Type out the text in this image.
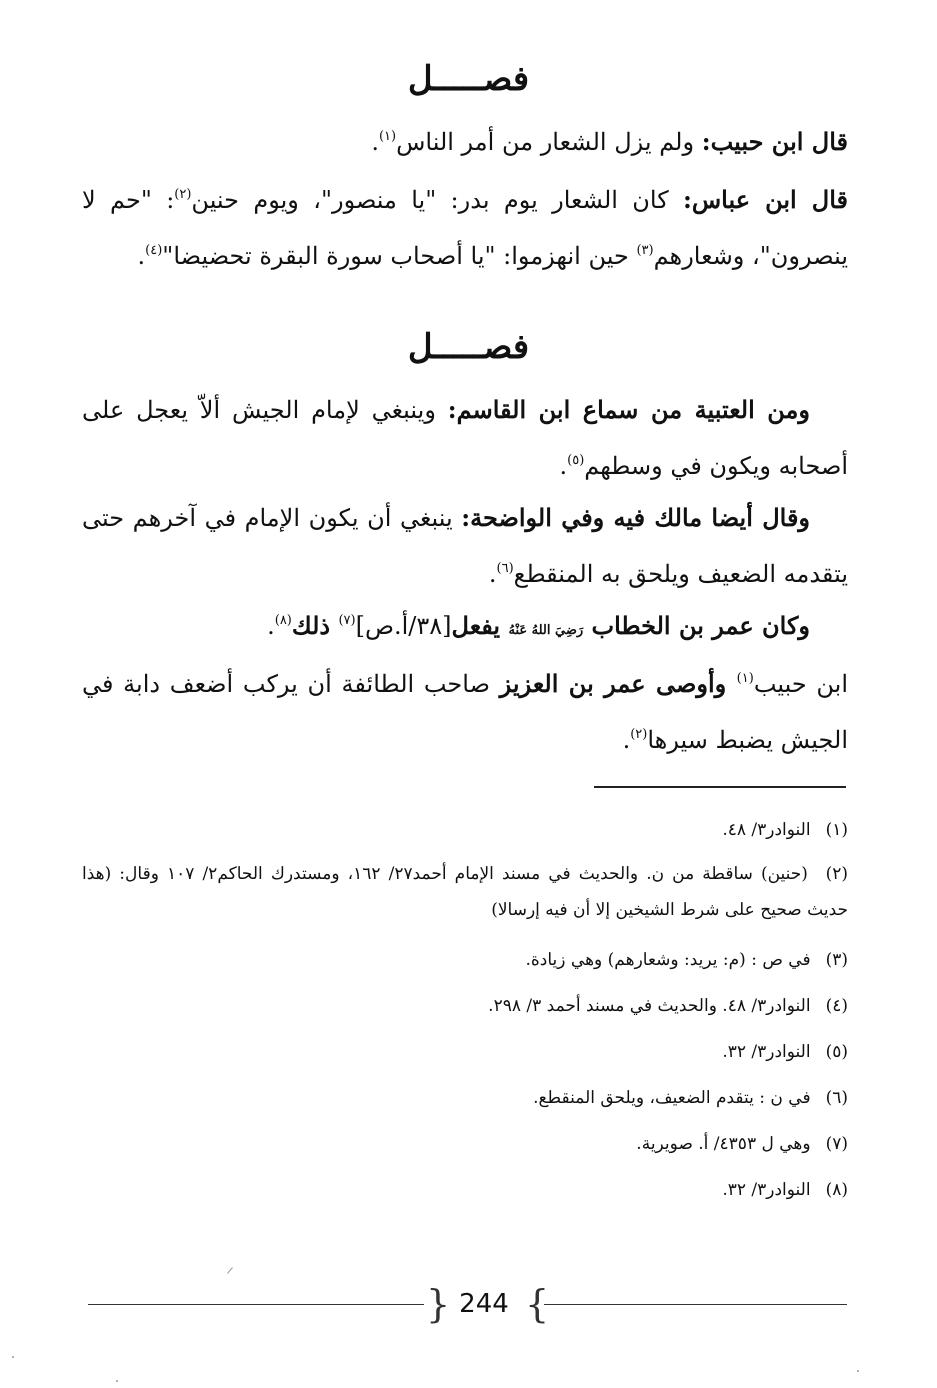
فصـــــل
قال ابن حبيب: ولم يزل الشعار من أمر الناس$^{(١)}$.
قال ابن عباس: كان الشعار يوم بدر: "يا منصور"، ويوم حنين$^{(٢)}$: "حم لا ينصرون"، وشعارهم$^{(٣)}$ حين انهزموا: "يا أصحاب سورة البقرة تحضيضا"$^{(٤)}$.
فصـــــل
ومن العتبية من سماع ابن القاسم: وينبغي لإمام الجيش ألاّ يعجل على أصحابه ويكون في وسطهم$^{(٥)}$.
وقال أيضا مالك فيه وفي الواضحة: ينبغي أن يكون الإمام في آخرهم حتى يتقدمه الضعيف ويلحق به المنقطع$^{(٦)}$.
وكان عمر بن الخطاب رَضِيَ اللهُ عَنْهُ يفعل[٣٨/أ.ص]$^{(٧)}$ ذلك$^{(٨)}$.
ابن حبيب$^{(١)}$ وأوصى عمر بن العزيز صاحب الطائفة أن يركب أضعف دابة في الجيش يضبط سيرها$^{(٢)}$.
(١) النوادر٣/ ٤٨.
(٢) (حنين) ساقطة من ن. والحديث في مسند الإمام أحمد٢٧/ ١٦٢، ومستدرك الحاكم٢/ ١٠٧ وقال: (هذا حديث صحيح على شرط الشيخين إلا أن فيه إرسالا)
(٣) في ص : (م: يريد: وشعارهم) وهي زيادة.
(٤) النوادر٣/ ٤٨. والحديث في مسند أحمد ٣/ ٢٩٨.
(٥) النوادر٣/ ٣٢.
(٦) في ن : يتقدم الضعيف، ويلحق المنقطع.
(٧) وهي ل ٤٣٥٣/ أ. صويرية.
(٨) النوادر٣/ ٣٢.
{ }
244
